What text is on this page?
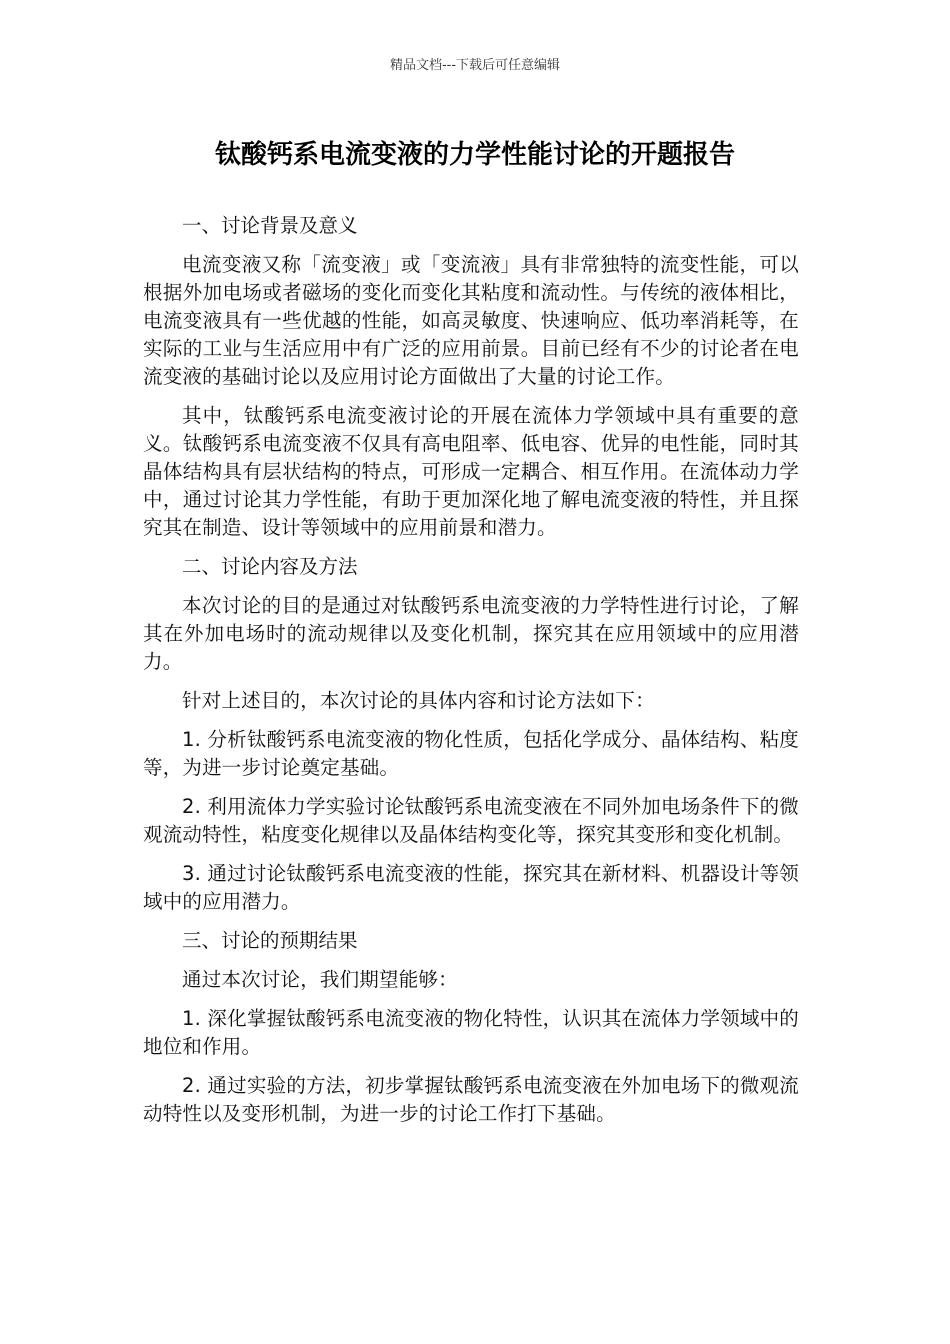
精品文档---下载后可任意编辑
钛酸钙系电流变液的力学性能讨论的开题报告

一、讨论背景及意义

电流变液又称「流变液」或「变流液」具有非常独特的流变性能，可以根据外加电场或者磁场的变化而变化其粘度和流动性。与传统的液体相比，电流变液具有一些优越的性能，如高灵敏度、快速响应、低功率消耗等，在实际的工业与生活应用中有广泛的应用前景。目前已经有不少的讨论者在电流变液的基础讨论以及应用讨论方面做出了大量的讨论工作。

其中，钛酸钙系电流变液讨论的开展在流体力学领域中具有重要的意义。钛酸钙系电流变液不仅具有高电阻率、低电容、优异的电性能，同时其晶体结构具有层状结构的特点，可形成一定耦合、相互作用。在流体动力学中，通过讨论其力学性能，有助于更加深化地了解电流变液的特性，并且探究其在制造、设计等领域中的应用前景和潜力。

二、讨论内容及方法

本次讨论的目的是通过对钛酸钙系电流变液的力学特性进行讨论，了解其在外加电场时的流动规律以及变化机制，探究其在应用领域中的应用潜力。

针对上述目的，本次讨论的具体内容和讨论方法如下：

1. 分析钛酸钙系电流变液的物化性质，包括化学成分、晶体结构、粘度等，为进一步讨论奠定基础。

2. 利用流体力学实验讨论钛酸钙系电流变液在不同外加电场条件下的微观流动特性，粘度变化规律以及晶体结构变化等，探究其变形和变化机制。

3. 通过讨论钛酸钙系电流变液的性能，探究其在新材料、机器设计等领域中的应用潜力。

三、讨论的预期结果

通过本次讨论，我们期望能够：

1. 深化掌握钛酸钙系电流变液的物化特性，认识其在流体力学领域中的地位和作用。

2. 通过实验的方法，初步掌握钛酸钙系电流变液在外加电场下的微观流动特性以及变形机制，为进一步的讨论工作打下基础。
